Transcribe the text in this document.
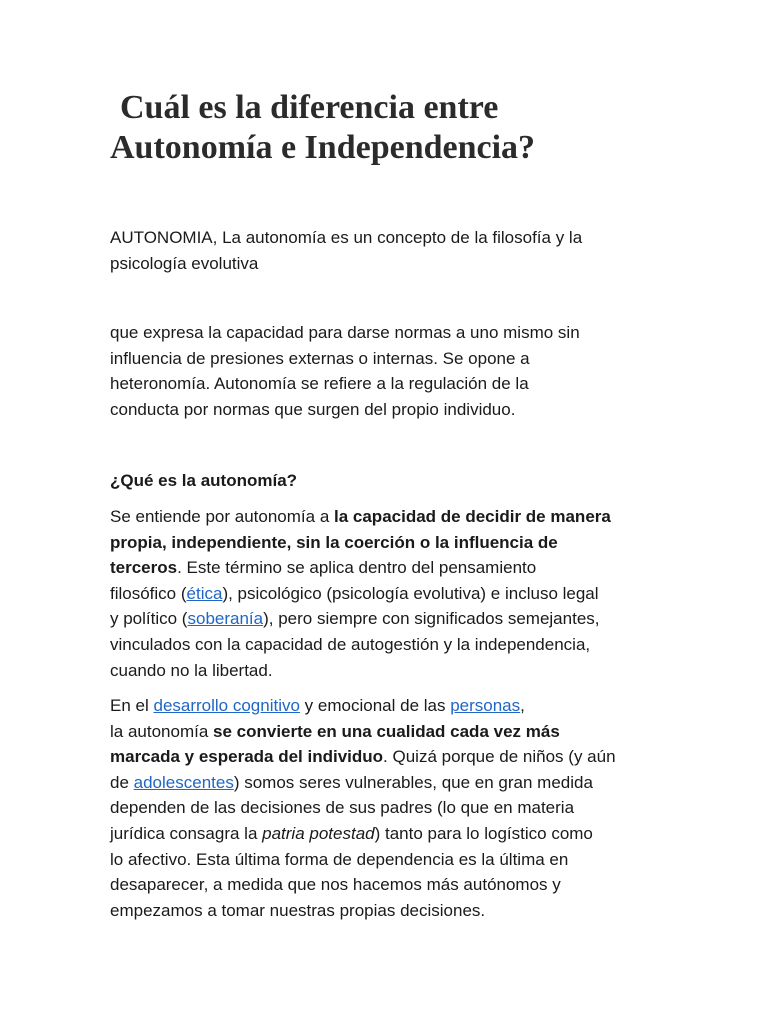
Cuál es la diferencia entre
Autonomía e Independencia?

AUTONOMIA, La autonomía es un concepto de la filosofía y la
psicología evolutiva

que expresa la capacidad para darse normas a uno mismo sin
influencia de presiones externas o internas. Se opone a
heteronomía. Autonomía se refiere a la regulación de la
conducta por normas que surgen del propio individuo.

¿Qué es la autonomía?

Se entiende por autonomía a la capacidad de decidir de manera
propia, independiente, sin la coerción o la influencia de
terceros. Este término se aplica dentro del pensamiento
filosófico (ética), psicológico (psicología evolutiva) e incluso legal
y político (soberanía), pero siempre con significados semejantes,
vinculados con la capacidad de autogestión y la independencia,
cuando no la libertad.

En el desarrollo cognitivo y emocional de las personas,
la autonomía se convierte en una cualidad cada vez más
marcada y esperada del individuo. Quizá porque de niños (y aún
de adolescentes) somos seres vulnerables, que en gran medida
dependen de las decisiones de sus padres (lo que en materia
jurídica consagra la patria potestad) tanto para lo logístico como
lo afectivo. Esta última forma de dependencia es la última en
desaparecer, a medida que nos hacemos más autónomos y
empezamos a tomar nuestras propias decisiones.
